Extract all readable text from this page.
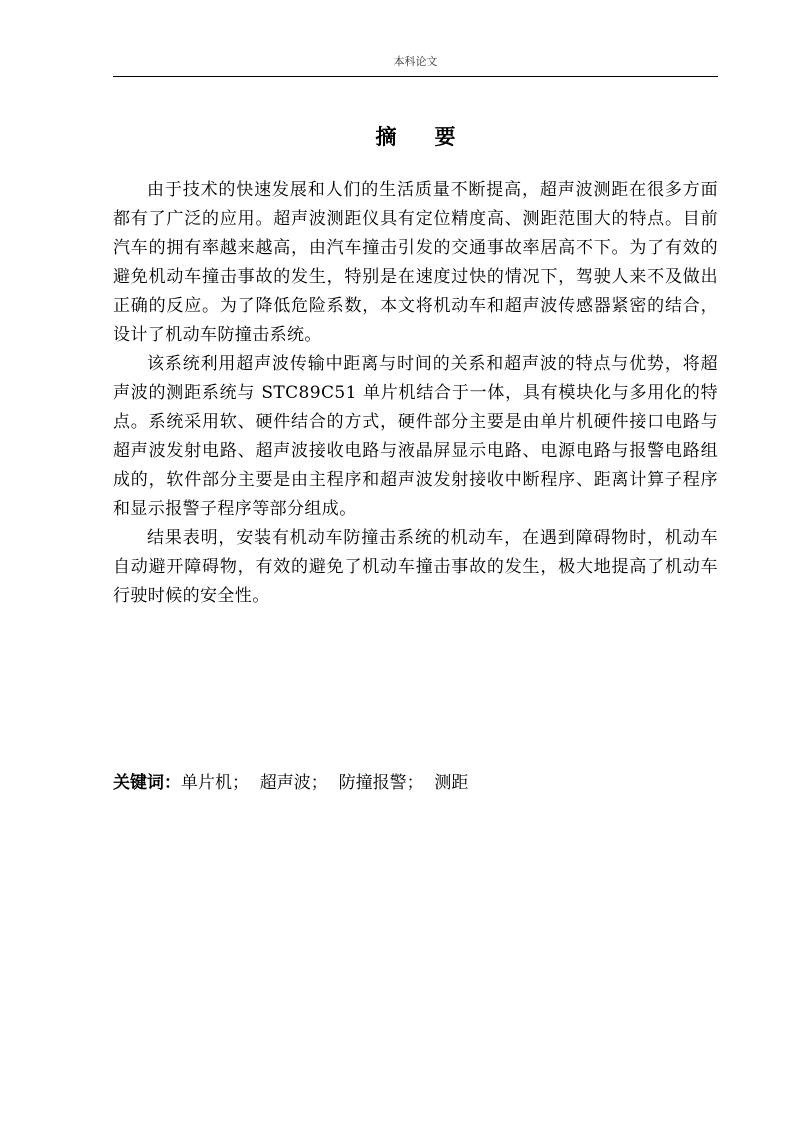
本科论文
摘要

由于技术的快速发展和人们的生活质量不断提高，超声波测距在很多方面都有了广泛的应用。超声波测距仪具有定位精度高、测距范围大的特点。目前汽车的拥有率越来越高，由汽车撞击引发的交通事故率居高不下。为了有效的避免机动车撞击事故的发生，特别是在速度过快的情况下，驾驶人来不及做出正确的反应。为了降低危险系数，本文将机动车和超声波传感器紧密的结合，设计了机动车防撞击系统。

该系统利用超声波传输中距离与时间的关系和超声波的特点与优势，将超声波的测距系统与 STC89C51 单片机结合于一体，具有模块化与多用化的特点。系统采用软、硬件结合的方式，硬件部分主要是由单片机硬件接口电路与超声波发射电路、超声波接收电路与液晶屏显示电路、电源电路与报警电路组成的，软件部分主要是由主程序和超声波发射接收中断程序、距离计算子程序和显示报警子程序等部分组成。

结果表明，安装有机动车防撞击系统的机动车，在遇到障碍物时，机动车自动避开障碍物，有效的避免了机动车撞击事故的发生，极大地提高了机动车行驶时候的安全性。

关键词：单片机；  超声波；  防撞报警；  测距
